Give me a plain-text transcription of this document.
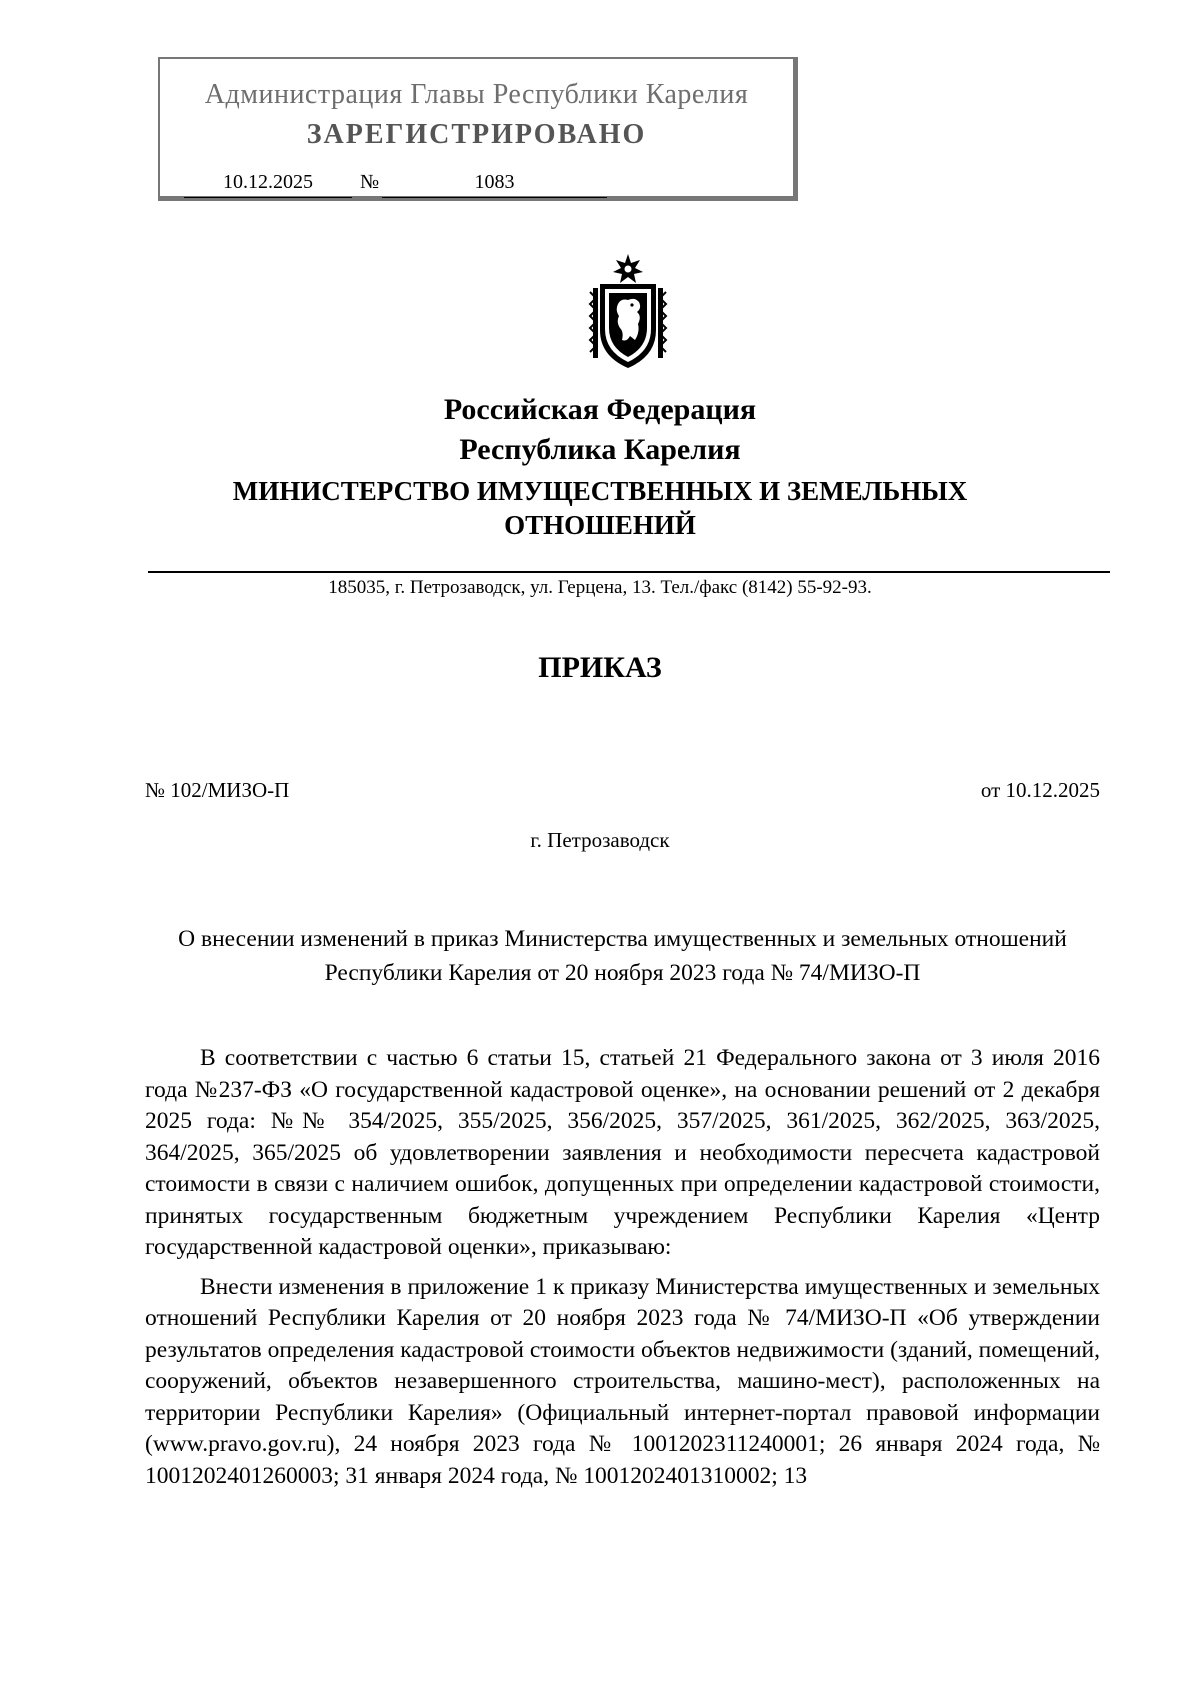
Администрация Главы Республики Карелия
ЗАРЕГИСТРИРОВАНО
10.12.2025	№	1083
Российская Федерация
Республика Карелия
МИНИСТЕРСТВО ИМУЩЕСТВЕННЫХ И ЗЕМЕЛЬНЫХ
ОТНОШЕНИЙ
185035, г. Петрозаводск, ул. Герцена, 13. Тел./факс (8142) 55-92-93.
ПРИКАЗ
№ 102/МИЗО-П	от 10.12.2025
г. Петрозаводск
О внесении изменений в приказ Министерства имущественных и земельных отношений Республики Карелия от 20 ноября 2023 года № 74/МИЗО-П

В соответствии с частью 6 статьи 15, статьей 21 Федерального закона от 3 июля 2016 года №237-ФЗ «О государственной кадастровой оценке», на основании решений от 2 декабря 2025 года: №№ 354/2025, 355/2025, 356/2025, 357/2025, 361/2025, 362/2025, 363/2025, 364/2025, 365/2025 об удовлетворении заявления и необходимости пересчета кадастровой стоимости в связи с наличием ошибок, допущенных при определении кадастровой стоимости, принятых государственным бюджетным учреждением Республики Карелия «Центр государственной кадастровой оценки», приказываю:

Внести изменения в приложение 1 к приказу Министерства имущественных и земельных отношений Республики Карелия от 20 ноября 2023 года № 74/МИЗО-П «Об утверждении результатов определения кадастровой стоимости объектов недвижимости (зданий, помещений, сооружений, объектов незавершенного строительства, машино-мест), расположенных на территории Республики Карелия» (Официальный интернет-портал правовой информации (www.pravo.gov.ru), 24 ноября 2023 года № 1001202311240001; 26 января 2024 года, № 1001202401260003; 31 января 2024 года, № 1001202401310002; 13
